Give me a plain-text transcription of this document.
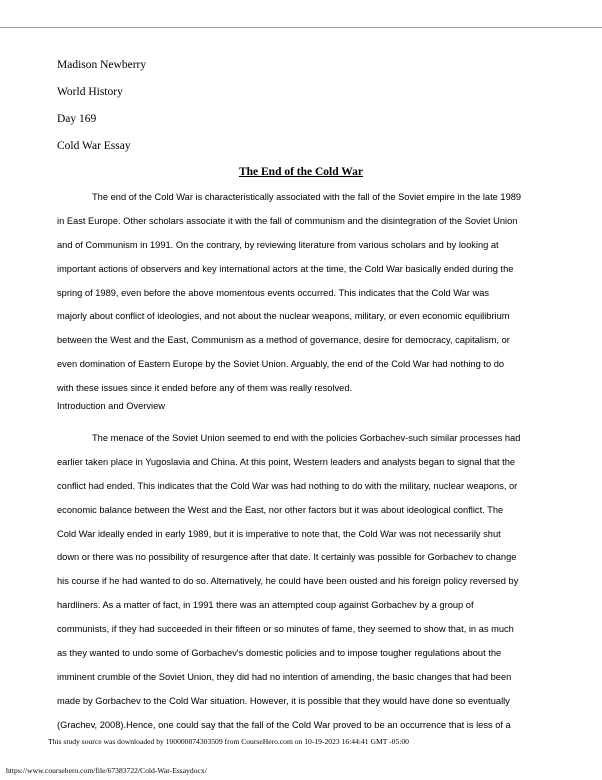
Madison Newberry
World History
Day 169
Cold War Essay
The End of the Cold War
The end of the Cold War is characteristically associated with the fall of the Soviet empire in the late 1989
in East Europe. Other scholars associate it with the fall of communism and the disintegration of the Soviet Union
and of Communism in 1991. On the contrary, by reviewing literature from various scholars and by looking at
important actions of observers and key international actors at the time, the Cold War basically ended during the
spring of 1989, even before the above momentous events occurred. This indicates that the Cold War was
majorly about conflict of ideologies, and not about the nuclear weapons, military, or even economic equilibrium
between the West and the East, Communism as a method of governance, desire for democracy, capitalism, or
even domination of Eastern Europe by the Soviet Union. Arguably, the end of the Cold War had nothing to do
with these issues since it ended before any of them was really resolved.
Introduction and Overview
The menace of the Soviet Union seemed to end with the policies Gorbachev-such similar processes had
earlier taken place in Yugoslavia and China. At this point, Western leaders and analysts began to signal that the
conflict had ended. This indicates that the Cold War was had nothing to do with the military, nuclear weapons, or
economic balance between the West and the East, nor other factors but it was about ideological conflict. The
Cold War ideally ended in early 1989, but it is imperative to note that, the Cold War was not necessarily shut
down or there was no possibility of resurgence after that date. It certainly was possible for Gorbachev to change
his course if he had wanted to do so. Alternatively, he could have been ousted and his foreign policy reversed by
hardliners. As a matter of fact, in 1991 there was an attempted coup against Gorbachev by a group of
communists, if they had succeeded in their fifteen or so minutes of fame, they seemed to show that, in as much
as they wanted to undo some of Gorbachev's domestic policies and to impose tougher regulations about the
imminent crumble of the Soviet Union, they did had no intention of amending, the basic changes that had been
made by Gorbachev to the Cold War situation. However, it is possible that they would have done so eventually
(Grachev, 2008).Hence, one could say that the fall of the Cold War proved to be an occurrence that is less of a
This study source was downloaded by 100000874303509 from CourseHero.com on 10-19-2023 16:44:41 GMT -05:00
https://www.coursehero.com/file/67383722/Cold-War-Essaydocx/
